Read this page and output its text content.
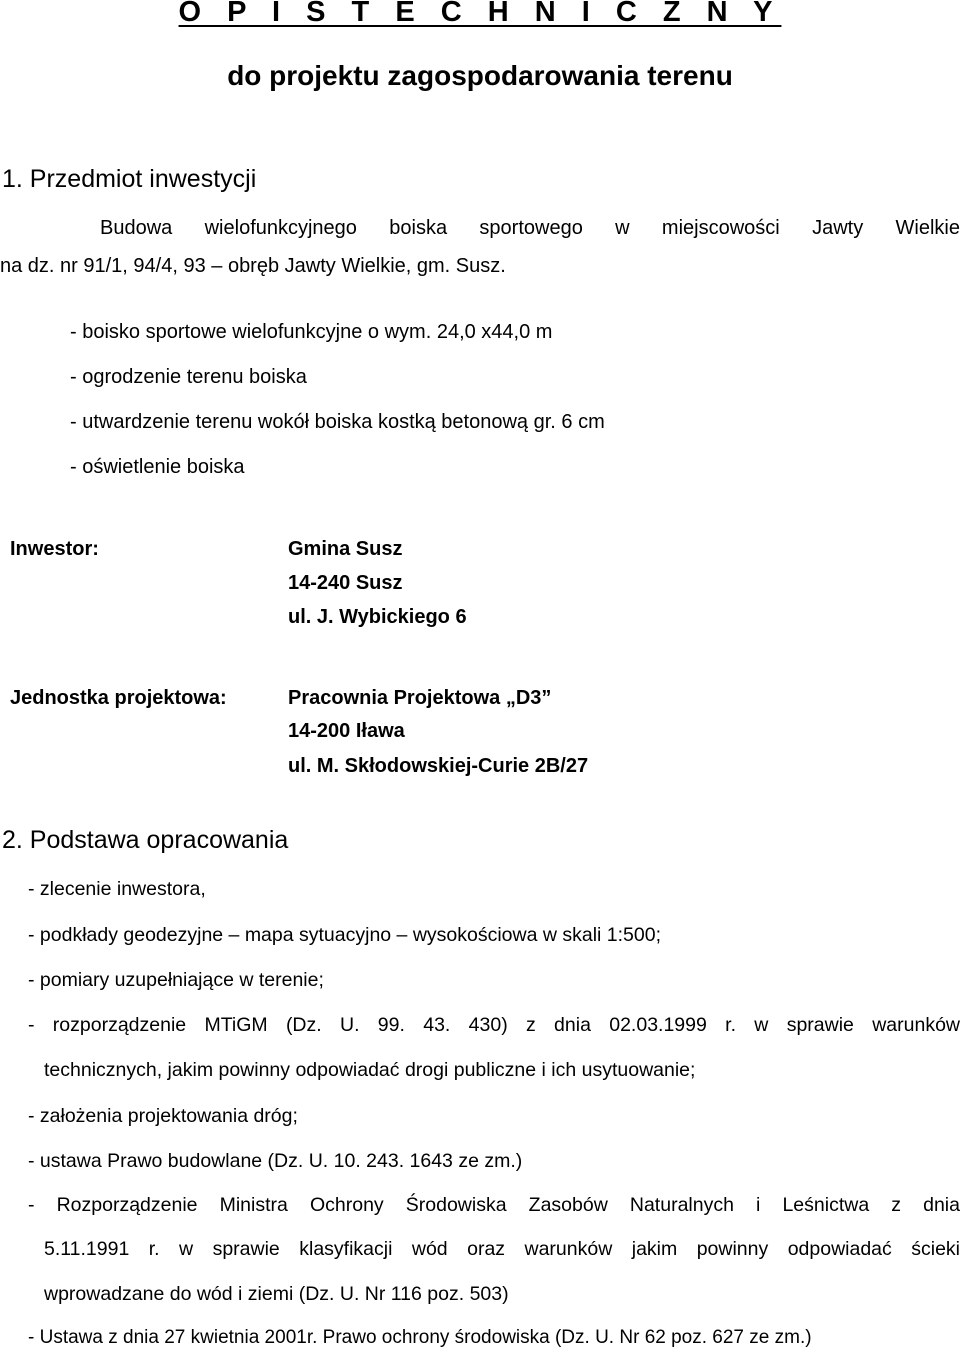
O P I S T E C H N I C Z N Y
do projektu zagospodarowania terenu
1. Przedmiot inwestycji
Budowa wielofunkcyjnego boiska sportowego w miejscowości Jawty Wielkie
na dz. nr 91/1, 94/4, 93 – obręb Jawty Wielkie, gm. Susz.
- boisko sportowe wielofunkcyjne o wym. 24,0 x44,0 m
- ogrodzenie terenu boiska
- utwardzenie terenu wokół boiska kostką betonową gr. 6 cm
- oświetlenie boiska
Inwestor:	Gmina Susz
14-240 Susz
ul. J. Wybickiego 6
Jednostka projektowa:	Pracownia Projektowa „D3”
14-200 Iława
ul. M. Skłodowskiej-Curie 2B/27
2. Podstawa opracowania
- zlecenie inwestora,
- podkłady geodezyjne – mapa sytuacyjno – wysokościowa w skali 1:500;
- pomiary uzupełniające w terenie;
- rozporządzenie MTiGM (Dz. U. 99. 43. 430) z dnia 02.03.1999 r. w sprawie warunków
technicznych, jakim powinny odpowiadać drogi publiczne i ich usytuowanie;
- założenia projektowania dróg;
- ustawa Prawo budowlane (Dz. U. 10. 243. 1643 ze zm.)
- Rozporządzenie Ministra Ochrony Środowiska Zasobów Naturalnych i Leśnictwa z dnia
5.11.1991 r. w sprawie klasyfikacji wód oraz warunków jakim powinny odpowiadać ścieki
wprowadzane do wód i ziemi (Dz. U. Nr 116 poz. 503)
- Ustawa z dnia 27 kwietnia 2001r. Prawo ochrony środowiska (Dz. U. Nr 62 poz. 627 ze zm.)
